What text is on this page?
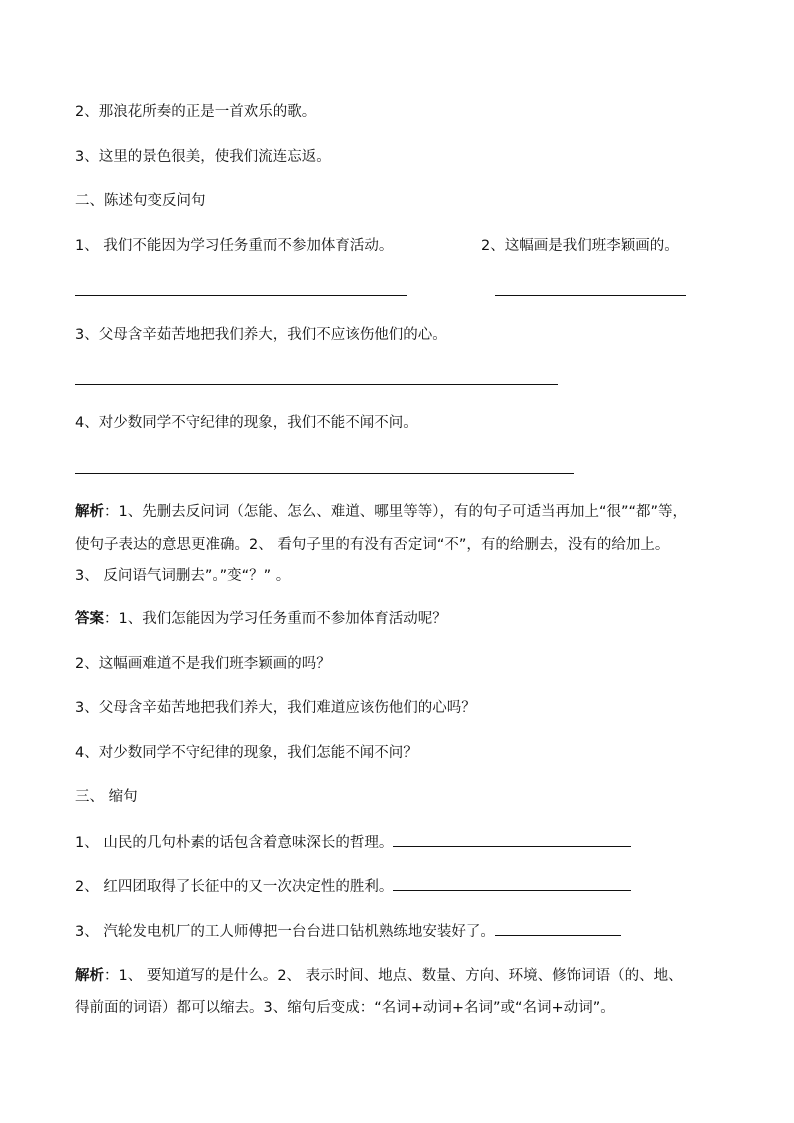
2、那浪花所奏的正是一首欢乐的歌。
3、这里的景色很美，使我们流连忘返。
二、陈述句变反问句
1、 我们不能因为学习任务重而不参加体育活动。	2、这幅画是我们班李颖画的。
3、父母含辛茹苦地把我们养大，我们不应该伤他们的心。
4、对少数同学不守纪律的现象，我们不能不闻不问。
解析：1、先删去反问词（怎能、怎么、难道、哪里等等），有的句子可适当再加上“很”“都”等，
使句子表达的意思更准确。2、 看句子里的有没有否定词“不”，有的给删去，没有的给加上。
3、 反问语气词删去”。”变“？” 。
答案：1、我们怎能因为学习任务重而不参加体育活动呢？
2、这幅画难道不是我们班李颖画的吗？
3、父母含辛茹苦地把我们养大，我们难道应该伤他们的心吗？
4、对少数同学不守纪律的现象，我们怎能不闻不问？
三、 缩句
1、 山民的几句朴素的话包含着意味深长的哲理。
2、 红四团取得了长征中的又一次决定性的胜利。
3、 汽轮发电机厂的工人师傅把一台台进口钻机熟练地安装好了。
解析：1、 要知道写的是什么。2、 表示时间、地点、数量、方向、环境、修饰词语（的、地、
得前面的词语）都可以缩去。3、缩句后变成：“名词+动词+名词”或“名词+动词”。
